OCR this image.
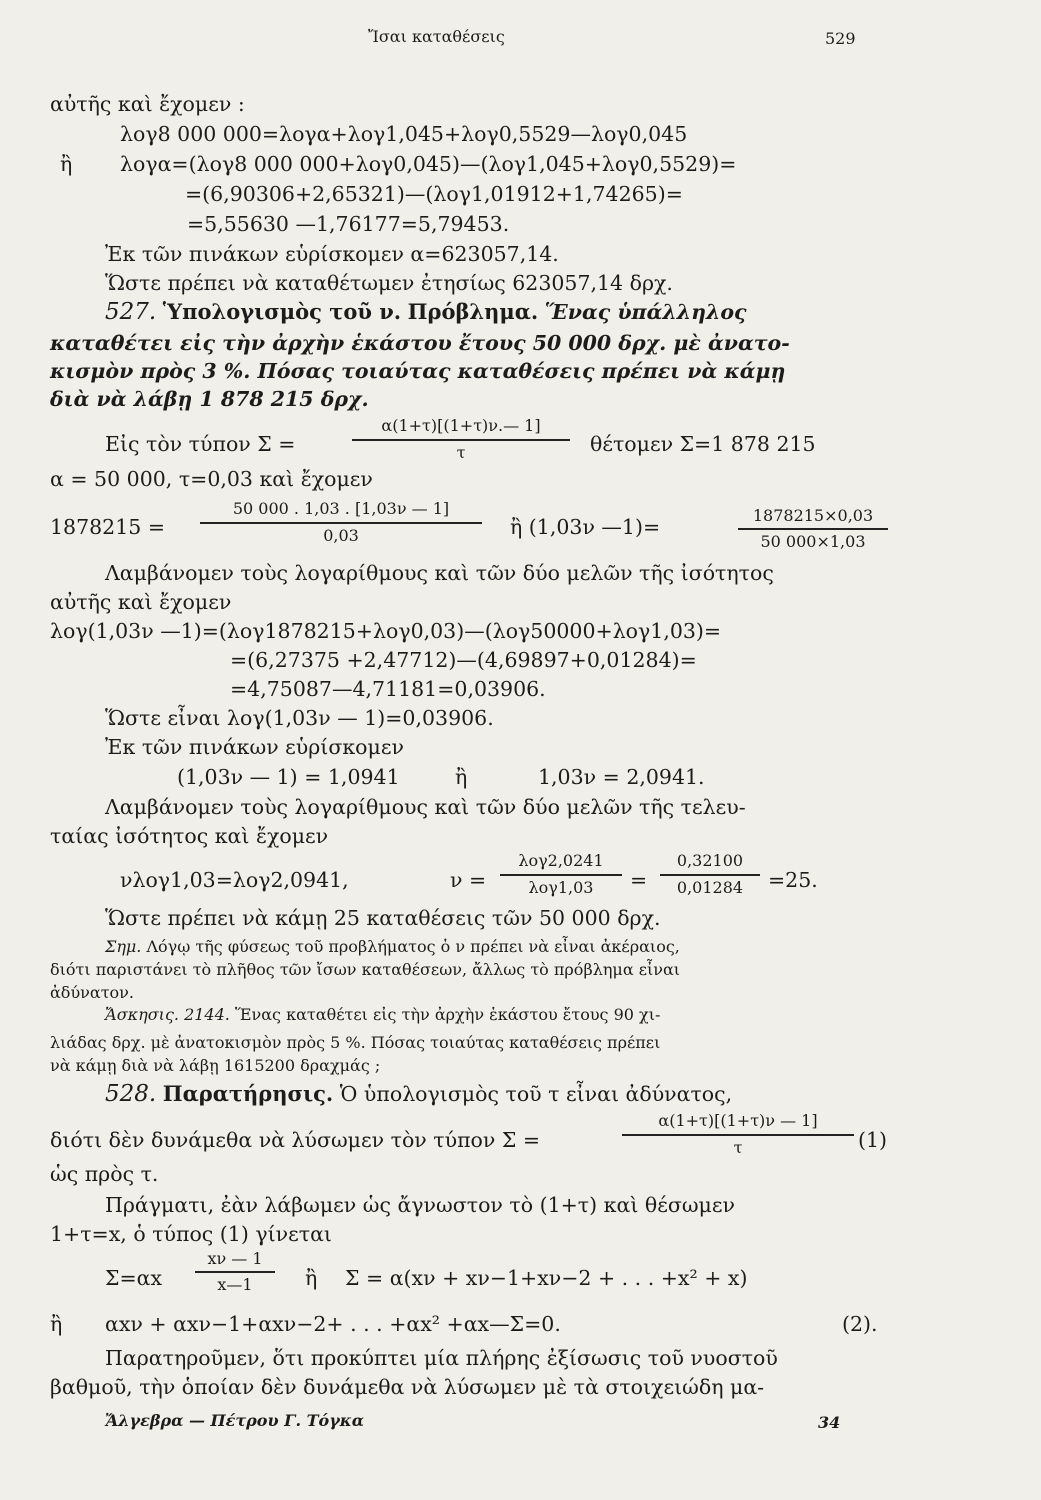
Ἴσαι καταθέσεις	529
αὐτῆς καὶ ἔχομεν :
λογ8 000 000=λογα+λογ1,045+λογ0,5529—λογ0,045
ἢ λογα=(λογ8 000 000+λογ0,045)—(λογ1,045+λογ0,5529)=
=(6,90306+2,65321)—(λογ1,01912+1,74265)=
=5,55630 —1,76177=5,79453.
Ἐκ τῶν πινάκων εὑρίσκομεν α=623057,14.
Ὥστε πρέπει νὰ καταθέτωμεν ἐτησίως 623057,14 δρχ.
527. Ὑπολογισμὸς τοῦ ν. Πρόβλημα. Ἕνας ὑπάλληλος
καταθέτει εἰς τὴν ἀρχὴν ἑκάστου ἔτους 50 000 δρχ. μὲ ἀνατο-
κισμὸν πρὸς 3 %. Πόσας τοιαύτας καταθέσεις πρέπει νὰ κάμῃ
διὰ νὰ λάβῃ 1 878 215 δρχ.
Εἰς τὸν τύπον Σ =
α(1+τ)[(1+τ)ν.— 1]
τ	θέτομεν Σ=1 878 215
α = 50 000, τ=0,03 καὶ ἔχομεν
1878215 =
50 000 . 1,03 . [1,03ν — 1]
0,03	ἢ (1,03ν —1)=	1878215×0,03
50 000×1,03
Λαμβάνομεν τοὺς λογαρίθμους καὶ τῶν δύο μελῶν τῆς ἰσότητος
αὐτῆς καὶ ἔχομεν
λογ(1,03ν —1)=(λογ1878215+λογ0,03)—(λογ50000+λογ1,03)=
=(6,27375 +2,47712)—(4,69897+0,01284)=
=4,75087—4,71181=0,03906.
Ὥστε εἶναι λογ(1,03ν — 1)=0,03906.
Ἐκ τῶν πινάκων εὑρίσκομεν
(1,03ν — 1) = 1,0941	ἢ	1,03ν = 2,0941.
Λαμβάνομεν τοὺς λογαρίθμους καὶ τῶν δύο μελῶν τῆς τελευ-
ταίας ἰσότητος καὶ ἔχομεν
νλογ1,03=λογ2,0941,	ν =
λογ2,0241
λογ1,03	=
0,32100
0,01284	=25.
Ὥστε πρέπει νὰ κάμῃ 25 καταθέσεις τῶν 50 000 δρχ.
Σημ. Λόγῳ τῆς φύσεως τοῦ προβλήματος ὁ ν πρέπει νὰ εἶναι ἀκέραιος,
διότι παριστάνει τὸ πλῆθος τῶν ἴσων καταθέσεων, ἄλλως τὸ πρόβλημα εἶναι
ἀδύνατον.
Ἄσκησις. 2144. Ἕνας καταθέτει εἰς τὴν ἀρχὴν ἑκάστου ἔτους 90 χι-
λιάδας δρχ. μὲ ἀνατοκισμὸν πρὸς 5 %. Πόσας τοιαύτας καταθέσεις πρέπει
νὰ κάμῃ διὰ νὰ λάβῃ 1615200 δραχμάς ;
528. Παρατήρησις. Ὁ ὑπολογισμὸς τοῦ τ εἶναι ἀδύνατος,
διότι δὲν δυνάμεθα νὰ λύσωμεν τὸν τύπον Σ =
α(1+τ)[(1+τ)ν — 1]
τ	(1)
ὡς πρὸς τ.
Πράγματι, ἐὰν λάβωμεν ὡς ἄγνωστον τὸ (1+τ) καὶ θέσωμεν
1+τ=x, ὁ τύπος (1) γίνεται
Σ=αx
xν — 1
x—1	ἢ Σ = α(xν + xν−1+xν−2 + . . . +x² + x)
ἢ αxν + αxν−1+αxν−2+ . . . +αx² +αx—Σ=0.	(2).
Παρατηροῦμεν, ὅτι προκύπτει μία πλήρης ἐξίσωσις τοῦ νυοστοῦ
βαθμοῦ, τὴν ὁποίαν δὲν δυνάμεθα νὰ λύσωμεν μὲ τὰ στοιχειώδη μα-
Ἄλγεβρα — Πέτρου Γ. Τόγκα	34
